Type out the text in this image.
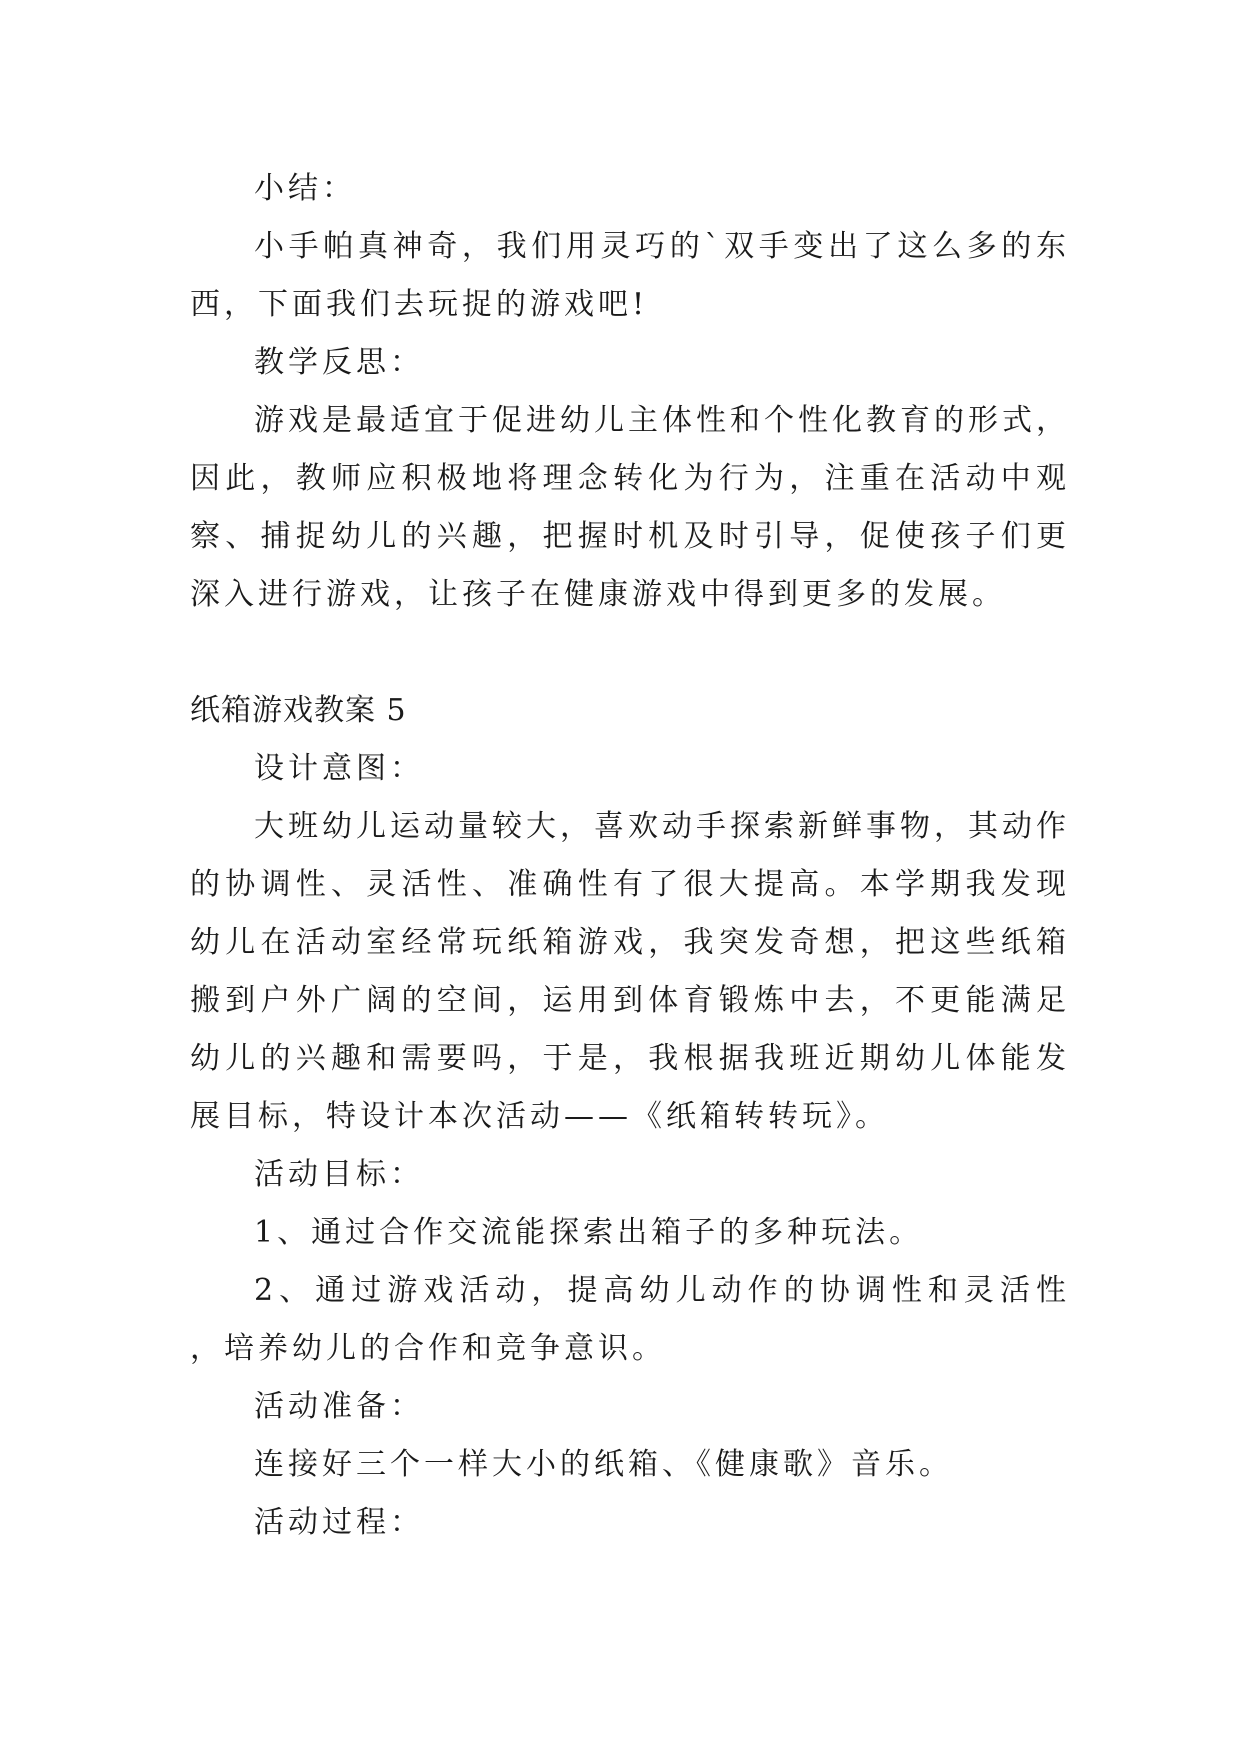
小结：

小手帕真神奇，我们用灵巧的`双手变出了这么多的东西，下面我们去玩捉的游戏吧!

教学反思：

游戏是最适宜于促进幼儿主体性和个性化教育的形式，因此，教师应积极地将理念转化为行为，注重在活动中观察、捕捉幼儿的兴趣，把握时机及时引导，促使孩子们更深入进行游戏，让孩子在健康游戏中得到更多的发展。

纸箱游戏教案 5

设计意图：

大班幼儿运动量较大，喜欢动手探索新鲜事物，其动作的协调性、灵活性、准确性有了很大提高。本学期我发现幼儿在活动室经常玩纸箱游戏，我突发奇想，把这些纸箱搬到户外广阔的空间，运用到体育锻炼中去，不更能满足幼儿的兴趣和需要吗，于是，我根据我班近期幼儿体能发展目标，特设计本次活动——《纸箱转转玩》。

活动目标：

1、通过合作交流能探索出箱子的多种玩法。

2、通过游戏活动，提高幼儿动作的协调性和灵活性 ，培养幼儿的合作和竞争意识。

活动准备：

连接好三个一样大小的纸箱、《健康歌》音乐。

活动过程：
